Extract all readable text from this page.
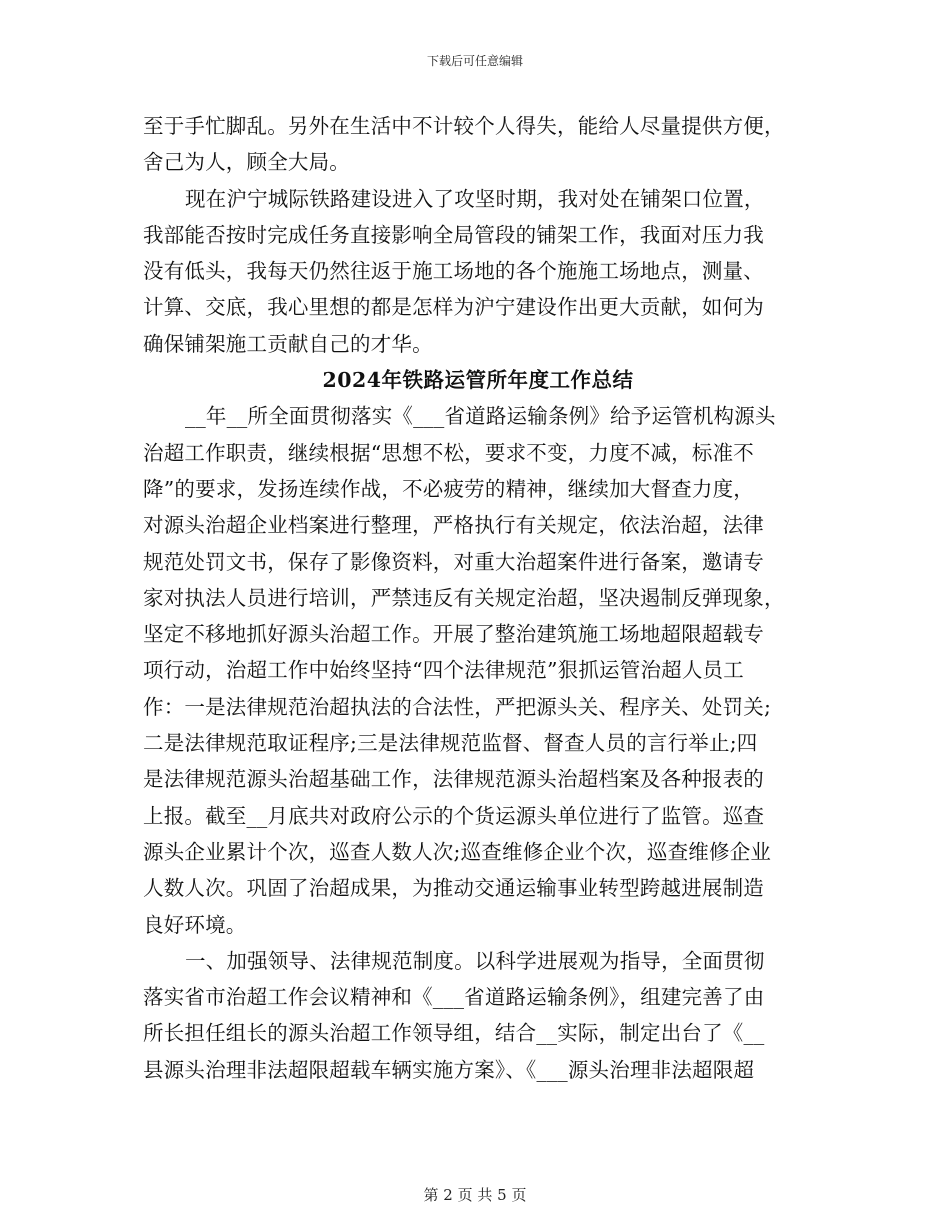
下载后可任意编辑
至于手忙脚乱。另外在生活中不计较个人得失，能给人尽量提供方便，
舍己为人，顾全大局。
现在沪宁城际铁路建设进入了攻坚时期，我对处在铺架口位置，
我部能否按时完成任务直接影响全局管段的铺架工作，我面对压力我
没有低头，我每天仍然往返于施工场地的各个施施工场地点，测量、
计算、交底，我心里想的都是怎样为沪宁建设作出更大贡献，如何为
确保铺架施工贡献自己的才华。
2024年铁路运管所年度工作总结
__年__所全面贯彻落实《___省道路运输条例》给予运管机构源头
治超工作职责，继续根据“思想不松，要求不变，力度不减，标准不
降”的要求，发扬连续作战，不必疲劳的精神，继续加大督查力度，
对源头治超企业档案进行整理，严格执行有关规定，依法治超，法律
规范处罚文书，保存了影像资料，对重大治超案件进行备案，邀请专
家对执法人员进行培训，严禁违反有关规定治超，坚决遏制反弹现象，
坚定不移地抓好源头治超工作。开展了整治建筑施工场地超限超载专
项行动，治超工作中始终坚持“四个法律规范”狠抓运管治超人员工
作：一是法律规范治超执法的合法性，严把源头关、程序关、处罚关;
二是法律规范取证程序;三是法律规范监督、督查人员的言行举止;四
是法律规范源头治超基础工作，法律规范源头治超档案及各种报表的
上报。截至__月底共对政府公示的个货运源头单位进行了监管。巡查
源头企业累计个次，巡查人数人次;巡查维修企业个次，巡查维修企业
人数人次。巩固了治超成果，为推动交通运输事业转型跨越进展制造
良好环境。
一、加强领导、法律规范制度。以科学进展观为指导，全面贯彻
落实省市治超工作会议精神和《___省道路运输条例》，组建完善了由
所长担任组长的源头治超工作领导组，结合__实际，制定出台了《__
县源头治理非法超限超载车辆实施方案》、《___源头治理非法超限超
第 2 页 共 5 页
